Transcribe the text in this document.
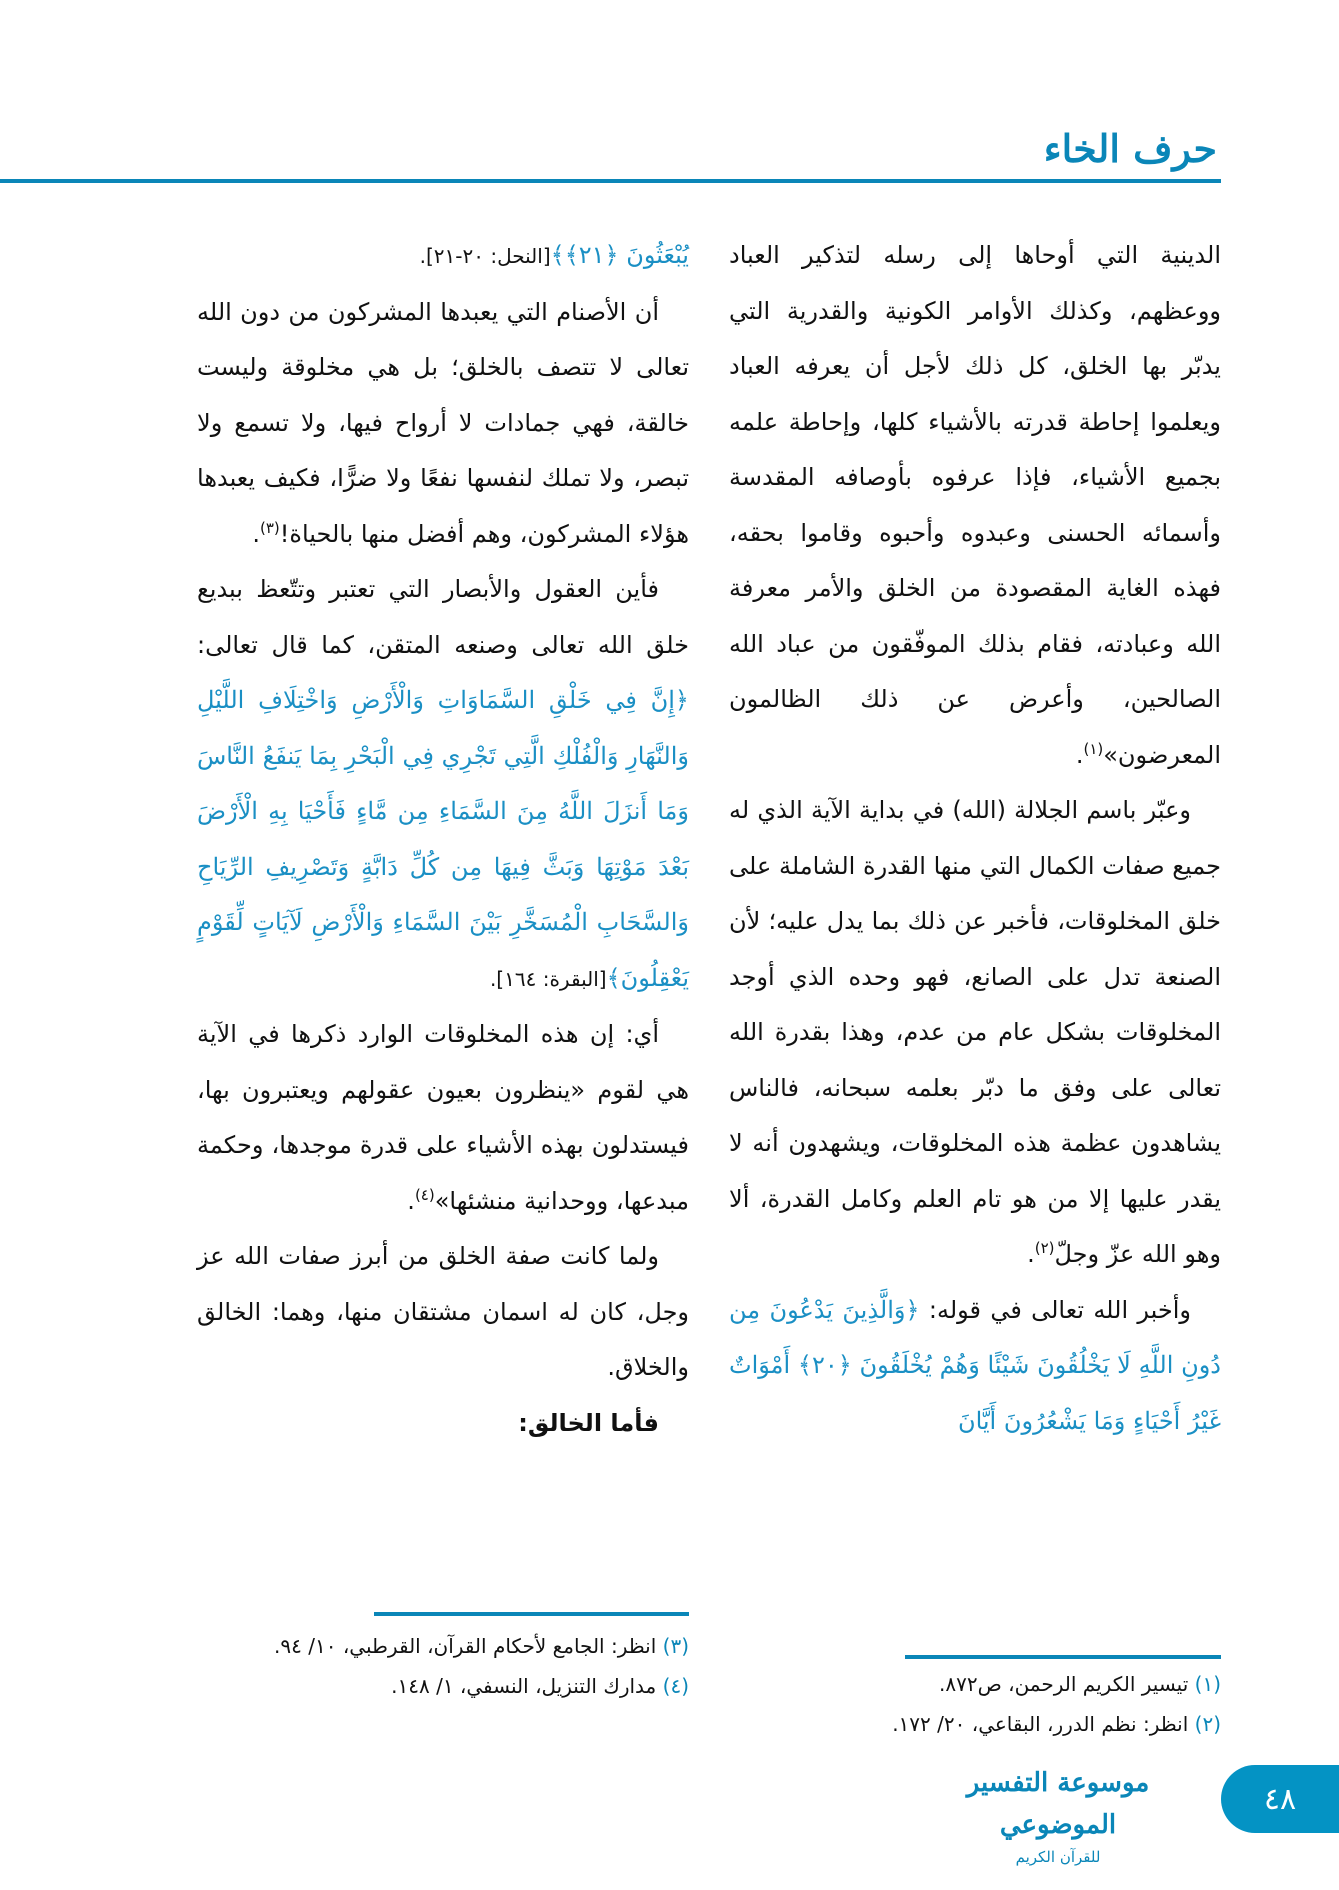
حرف الخاء

الدينية التي أوحاها إلى رسله لتذكير العباد ووعظهم، وكذلك الأوامر الكونية والقدرية التي يدبّر بها الخلق، كل ذلك لأجل أن يعرفه العباد ويعلموا إحاطة قدرته بالأشياء كلها، وإحاطة علمه بجميع الأشياء، فإذا عرفوه بأوصافه المقدسة وأسمائه الحسنى وعبدوه وأحبوه وقاموا بحقه، فهذه الغاية المقصودة من الخلق والأمر معرفة الله وعبادته، فقام بذلك الموفّقون من عباد الله الصالحين، وأعرض عن ذلك الظالمون المعرضون»$^{(١)}$.

وعبّر باسم الجلالة (الله) في بداية الآية الذي له جميع صفات الكمال التي منها القدرة الشاملة على خلق المخلوقات، فأخبر عن ذلك بما يدل عليه؛ لأن الصنعة تدل على الصانع، فهو وحده الذي أوجد المخلوقات بشكل عام من عدم، وهذا بقدرة الله تعالى على وفق ما دبّر بعلمه سبحانه، فالناس يشاهدون عظمة هذه المخلوقات، ويشهدون أنه لا يقدر عليها إلا من هو تام العلم وكامل القدرة، ألا وهو الله عزّ وجلّ$^{(٢)}$.

وأخبر الله تعالى في قوله: ﴿وَالَّذِينَ يَدْعُونَ مِن دُونِ اللَّهِ لَا يَخْلُقُونَ شَيْئًا وَهُمْ يُخْلَقُونَ ﴿٢٠﴾ أَمْوَاتٌ غَيْرُ أَحْيَاءٍ وَمَا يَشْعُرُونَ أَيَّانَ

يُبْعَثُونَ ﴿٢١﴾﴾[النحل: ٢٠-٢١].

أن الأصنام التي يعبدها المشركون من دون الله تعالى لا تتصف بالخلق؛ بل هي مخلوقة وليست خالقة، فهي جمادات لا أرواح فيها، ولا تسمع ولا تبصر، ولا تملك لنفسها نفعًا ولا ضرًّا، فكيف يعبدها هؤلاء المشركون، وهم أفضل منها بالحياة!$^{(٣)}$.

فأين العقول والأبصار التي تعتبر وتتّعظ ببديع خلق الله تعالى وصنعه المتقن، كما قال تعالى: ﴿إِنَّ فِي خَلْقِ السَّمَاوَاتِ وَالْأَرْضِ وَاخْتِلَافِ اللَّيْلِ وَالنَّهَارِ وَالْفُلْكِ الَّتِي تَجْرِي فِي الْبَحْرِ بِمَا يَنفَعُ النَّاسَ وَمَا أَنزَلَ اللَّهُ مِنَ السَّمَاءِ مِن مَّاءٍ فَأَحْيَا بِهِ الْأَرْضَ بَعْدَ مَوْتِهَا وَبَثَّ فِيهَا مِن كُلِّ دَابَّةٍ وَتَصْرِيفِ الرِّيَاحِ وَالسَّحَابِ الْمُسَخَّرِ بَيْنَ السَّمَاءِ وَالْأَرْضِ لَآيَاتٍ لِّقَوْمٍ يَعْقِلُونَ﴾[البقرة: ١٦٤].

أي: إن هذه المخلوقات الوارد ذكرها في الآية هي لقوم «ينظرون بعيون عقولهم ويعتبرون بها، فيستدلون بهذه الأشياء على قدرة موجدها، وحكمة مبدعها، ووحدانية منشئها»$^{(٤)}$.

ولما كانت صفة الخلق من أبرز صفات الله عز وجل، كان له اسمان مشتقان منها، وهما: الخالق والخلاق.

فأما الخالق:

(٣) انظر: الجامع لأحكام القرآن، القرطبي، ١٠/ ٩٤.
(٤) مدارك التنزيل، النسفي، ١/ ١٤٨.	(١) تيسير الكريم الرحمن، ص٨٧٢.
(٢) انظر: نظم الدرر، البقاعي، ٢٠/ ١٧٢.
موسوعة التفسير الموضوعي
للقرآن الكريم
٤٨
